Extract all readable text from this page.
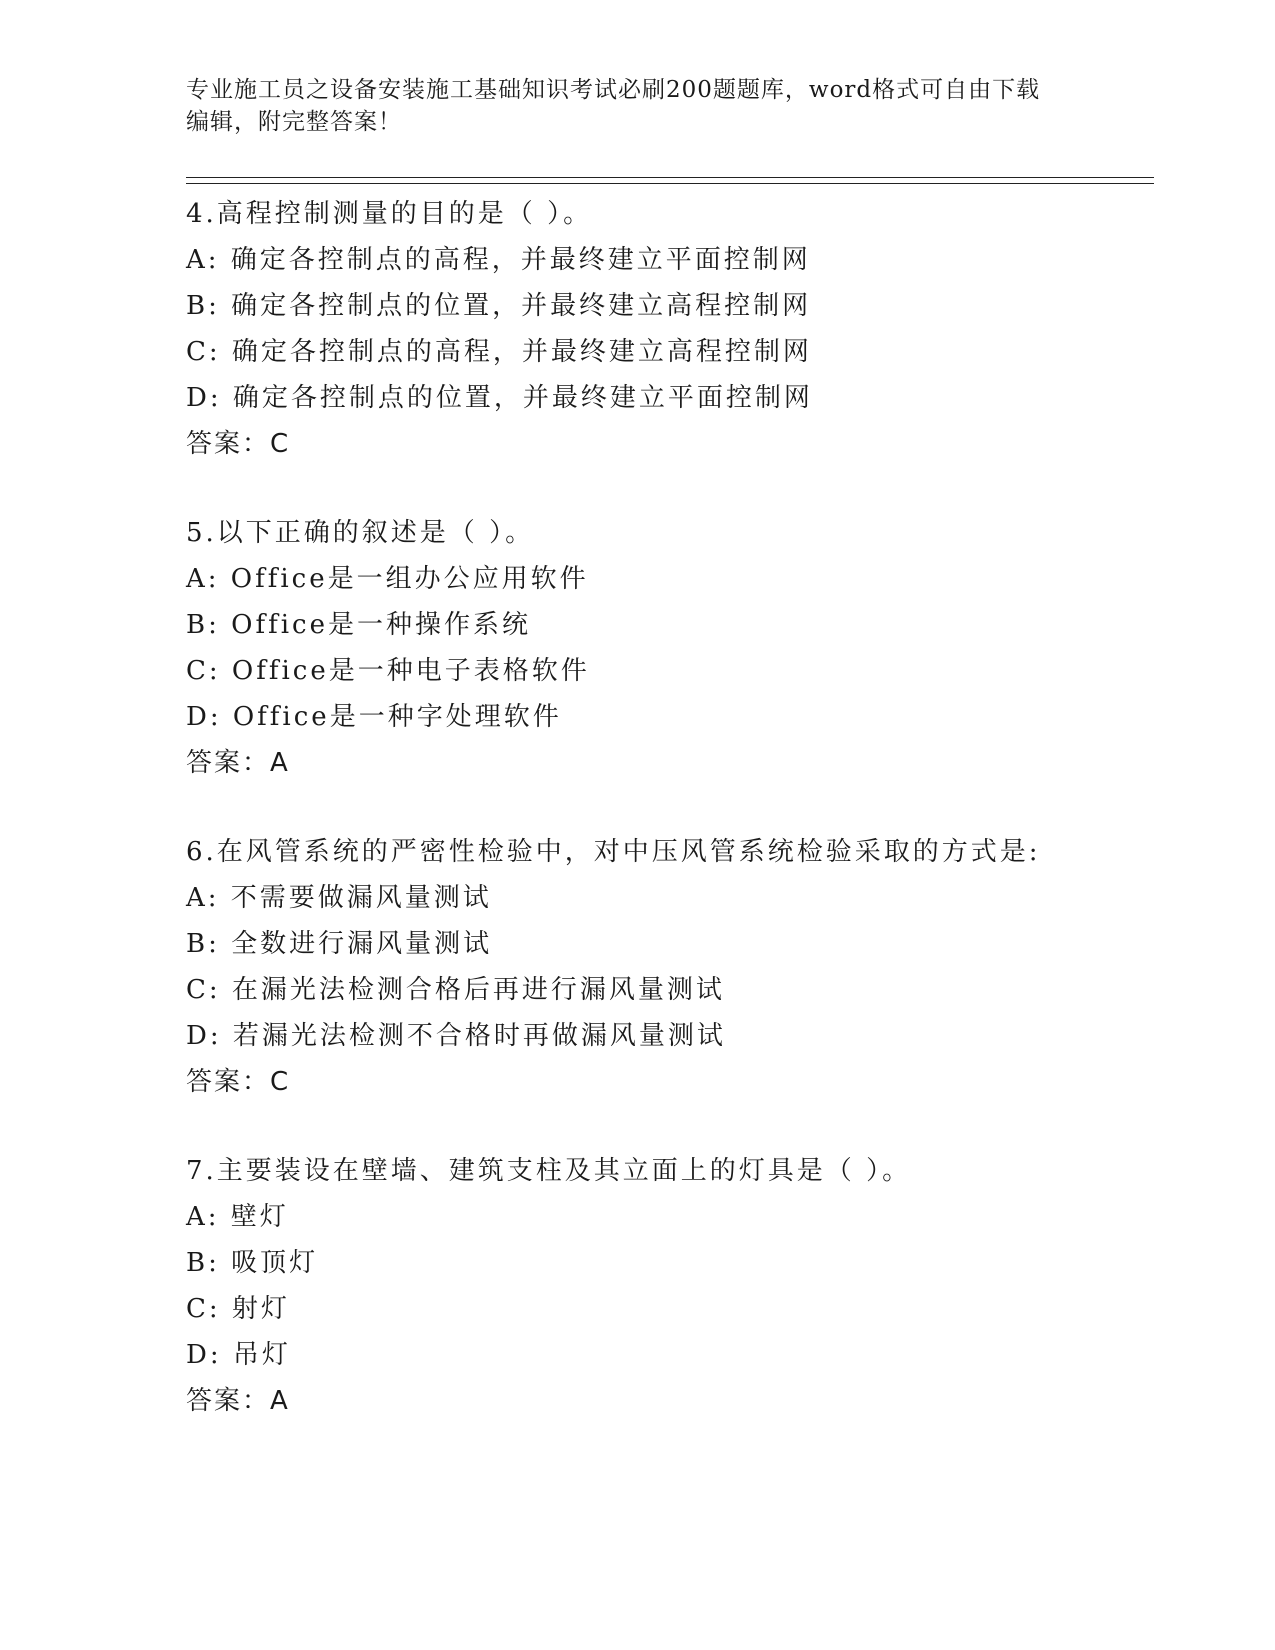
专业施工员之设备安装施工基础知识考试必刷200题题库，word格式可自由下载
编辑，附完整答案！
4.高程控制测量的目的是（ ）。
A: 确定各控制点的高程，并最终建立平面控制网
B: 确定各控制点的位置，并最终建立高程控制网
C: 确定各控制点的高程，并最终建立高程控制网
D: 确定各控制点的位置，并最终建立平面控制网
答案：C
5.以下正确的叙述是（ ）。
A: Office是一组办公应用软件
B: Office是一种操作系统
C: Office是一种电子表格软件
D: Office是一种字处理软件
答案：A
6.在风管系统的严密性检验中，对中压风管系统检验采取的方式是:
A: 不需要做漏风量测试
B: 全数进行漏风量测试
C: 在漏光法检测合格后再进行漏风量测试
D: 若漏光法检测不合格时再做漏风量测试
答案：C
7.主要装设在壁墙、建筑支柱及其立面上的灯具是（ ）。
A: 壁灯
B: 吸顶灯
C: 射灯
D: 吊灯
答案：A
